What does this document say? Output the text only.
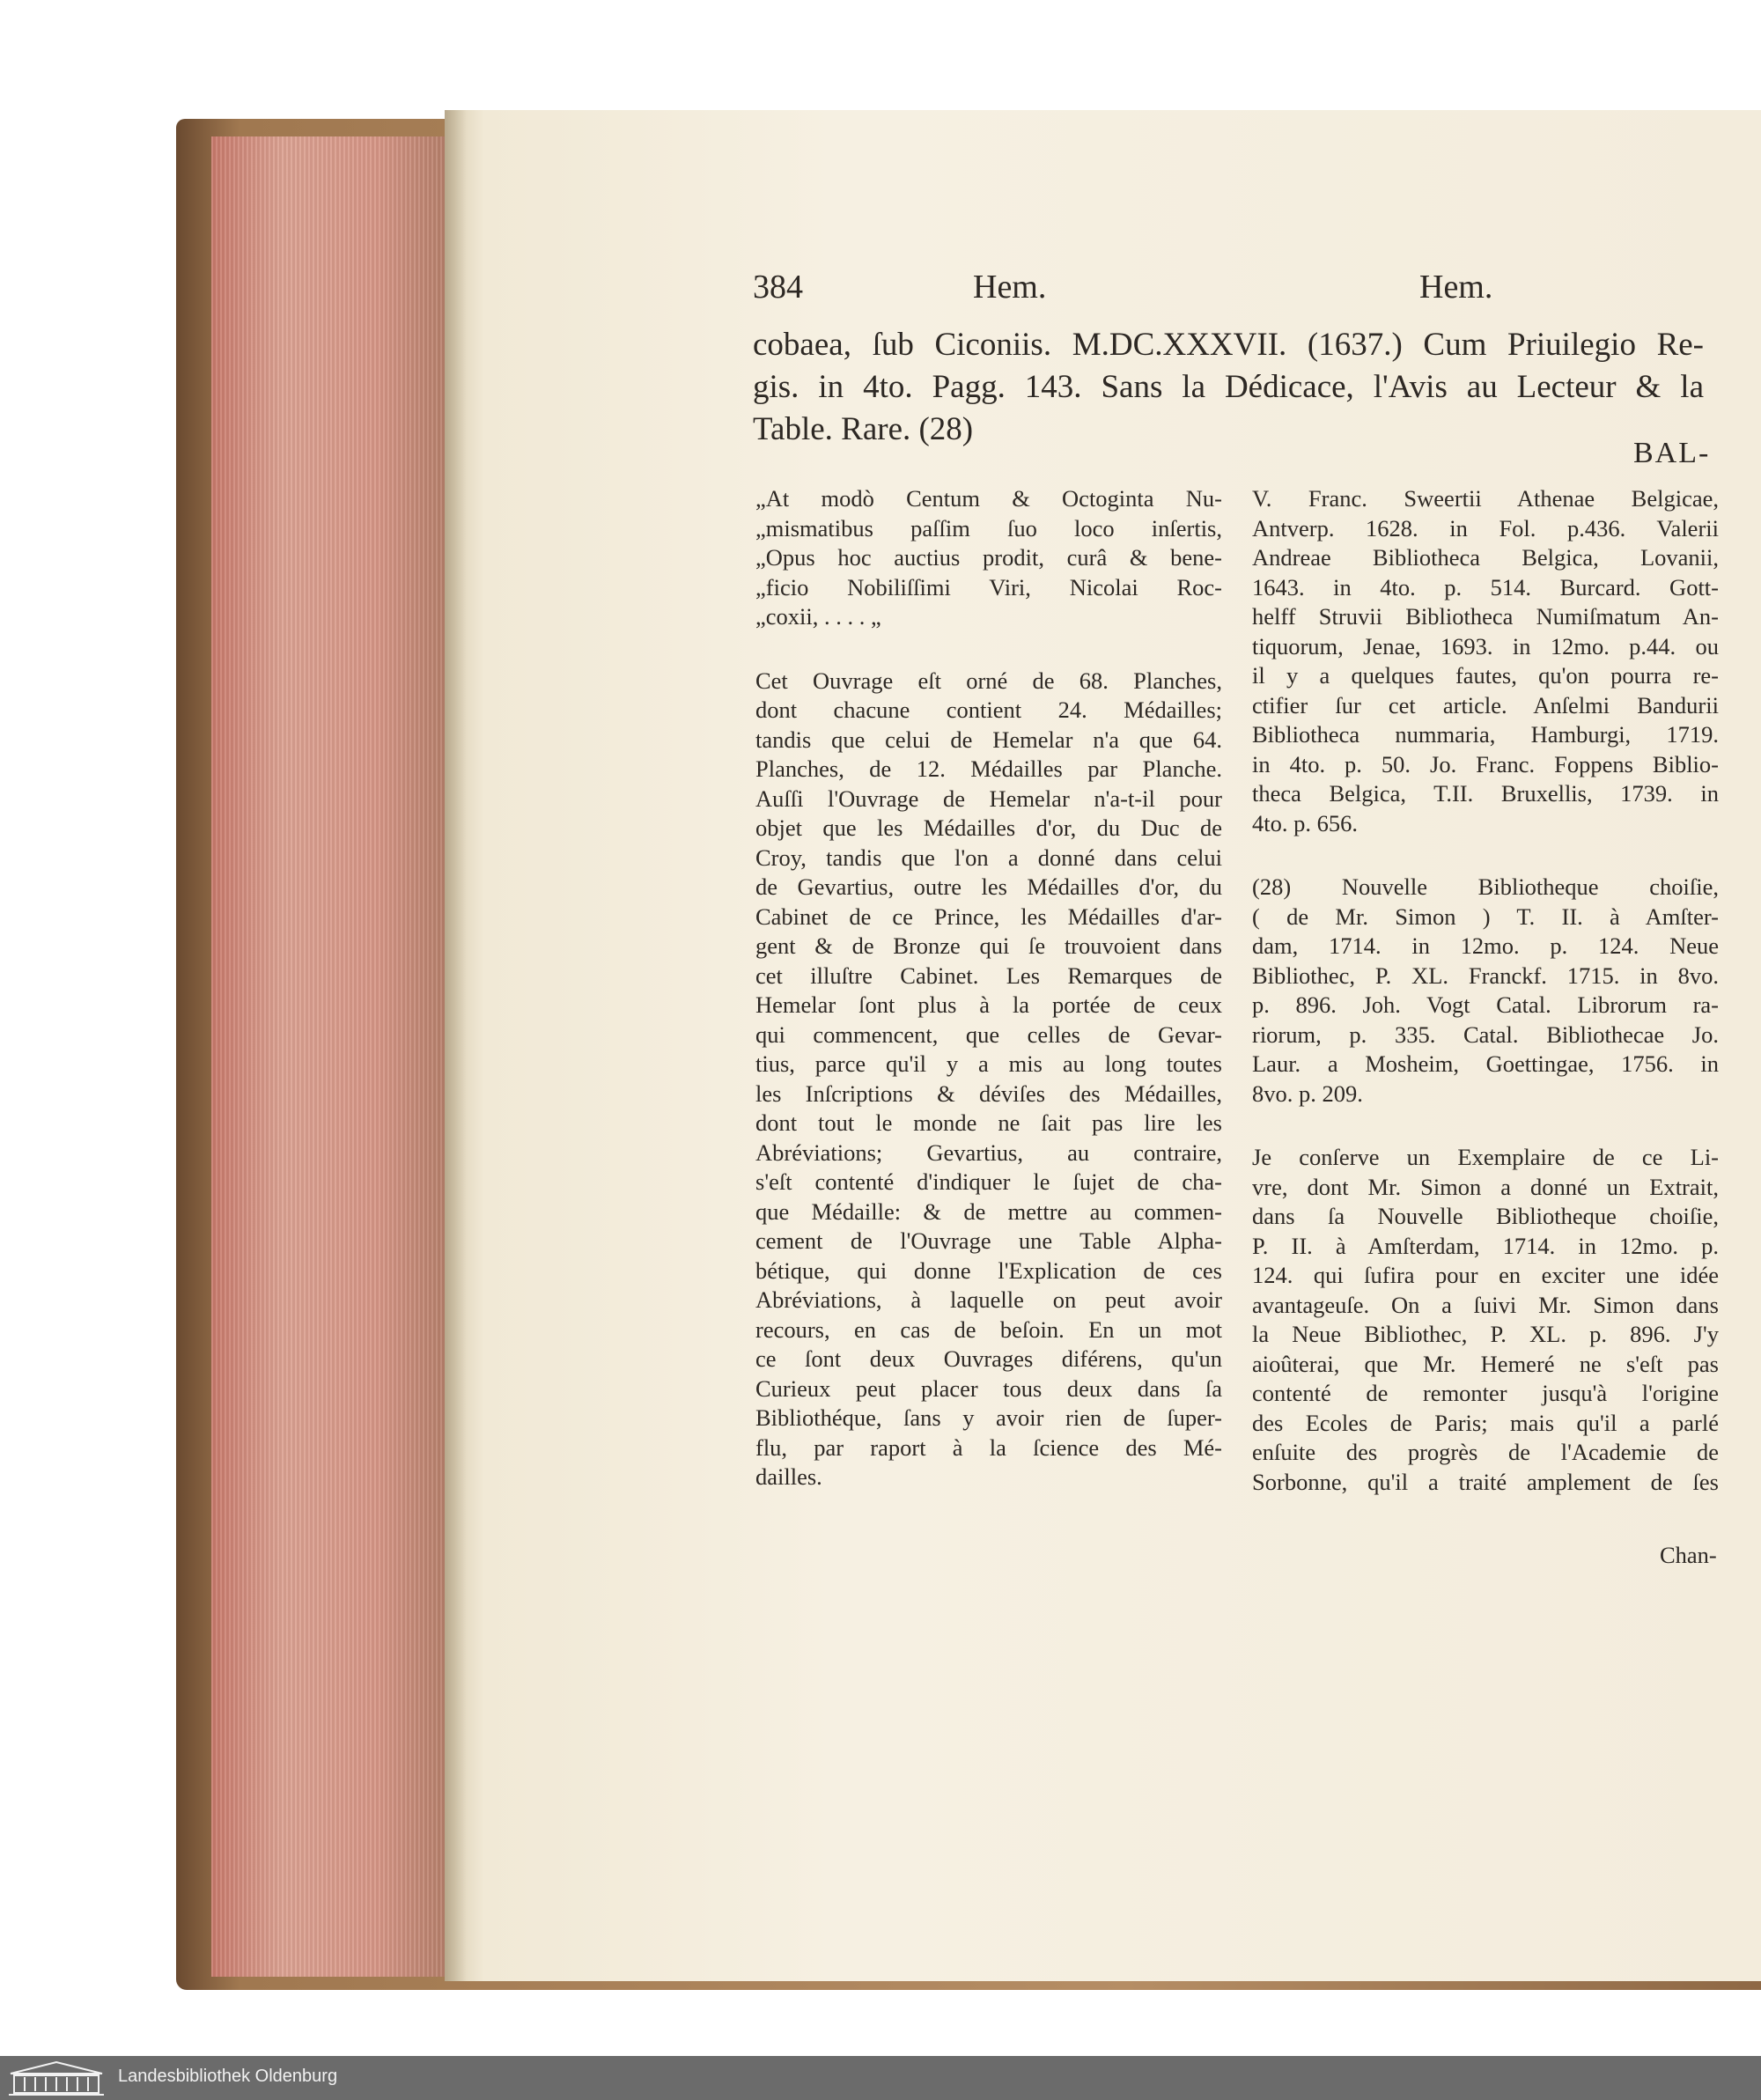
384	Hem.	Hem.
cobaea, ſub Ciconiis. M.DC.XXXVII. (1637.) Cum Priuilegio Re-
gis. in 4to. Pagg. 143. Sans la Dédicace, l'Avis au Lecteur & la
Table. Rare. (28)
BAL-
„At modò Centum & Octoginta Nu-
„mismatibus paſſim ſuo loco inſertis,
„Opus hoc auctius prodit, curâ & bene-
„ficio Nobiliſſimi Viri, Nicolai Roc-
„coxii, . . . . „
Cet Ouvrage eſt orné de 68. Planches,
dont chacune contient 24. Médailles;
tandis que celui de Hemelar n'a que 64.
Planches, de 12. Médailles par Planche.
Auſſi l'Ouvrage de Hemelar n'a-t-il pour
objet que les Médailles d'or, du Duc de
Croy, tandis que l'on a donné dans celui
de Gevartius, outre les Médailles d'or, du
Cabinet de ce Prince, les Médailles d'ar-
gent & de Bronze qui ſe trouvoient dans
cet illuſtre Cabinet. Les Remarques de
Hemelar ſont plus à la portée de ceux
qui commencent, que celles de Gevar-
tius, parce qu'il y a mis au long toutes
les Inſcriptions & déviſes des Médailles,
dont tout le monde ne ſait pas lire les
Abréviations; Gevartius, au contraire,
s'eſt contenté d'indiquer le ſujet de cha-
que Médaille: & de mettre au commen-
cement de l'Ouvrage une Table Alpha-
bétique, qui donne l'Explication de ces
Abréviations, à laquelle on peut avoir
recours, en cas de beſoin. En un mot
ce ſont deux Ouvrages diférens, qu'un
Curieux peut placer tous deux dans ſa
Bibliothéque, ſans y avoir rien de ſuper-
flu, par raport à la ſcience des Mé-
dailles.
V. Franc. Sweertii Athenae Belgicae,
Antverp. 1628. in Fol. p.436. Valerii
Andreae Bibliotheca Belgica, Lovanii,
1643. in 4to. p. 514. Burcard. Gott-
helff Struvii Bibliotheca Numiſmatum An-
tiquorum, Jenae, 1693. in 12mo. p.44. ou
il y a quelques fautes, qu'on pourra re-
ctifier ſur cet article. Anſelmi Bandurii
Bibliotheca nummaria, Hamburgi, 1719.
in 4to. p. 50. Jo. Franc. Foppens Biblio-
theca Belgica, T.II. Bruxellis, 1739. in
4to. p. 656.
(28) Nouvelle Bibliotheque choiſie,
( de Mr. Simon ) T. II. à Amſter-
dam, 1714. in 12mo. p. 124. Neue
Bibliothec, P. XL. Franckf. 1715. in 8vo.
p. 896. Joh. Vogt Catal. Librorum ra-
riorum, p. 335. Catal. Bibliothecae Jo.
Laur. a Mosheim, Goettingae, 1756. in
8vo. p. 209.
Je conſerve un Exemplaire de ce Li-
vre, dont Mr. Simon a donné un Extrait,
dans ſa Nouvelle Bibliotheque choiſie,
P. II. à Amſterdam, 1714. in 12mo. p.
124. qui ſufira pour en exciter une idée
avantageuſe. On a ſuivi Mr. Simon dans
la Neue Bibliothec, P. XL. p. 896. J'y
aioûterai, que Mr. Hemeré ne s'eſt pas
contenté de remonter jusqu'à l'origine
des Ecoles de Paris; mais qu'il a parlé
enſuite des progrès de l'Academie de
Sorbonne, qu'il a traité amplement de ſes
Chan-
Landesbibliothek Oldenburg
